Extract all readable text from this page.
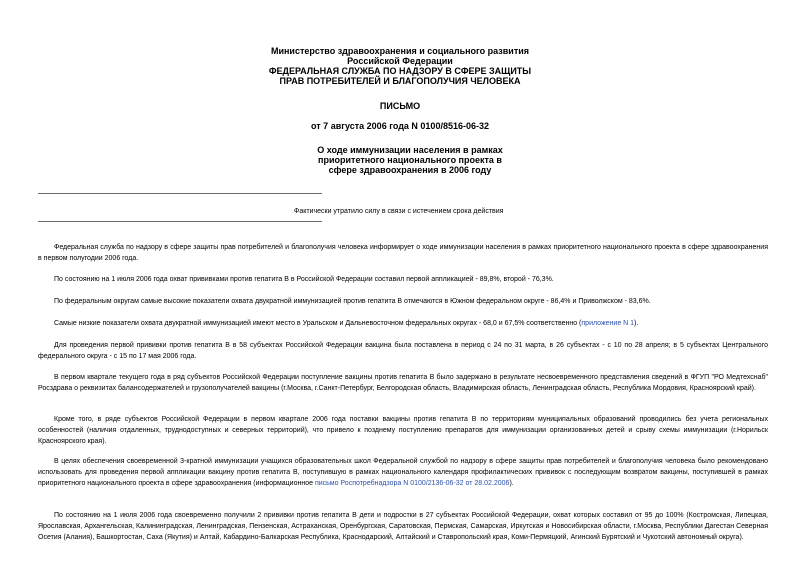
Министерство здравоохранения и социального развития
Российской Федерации
ФЕДЕРАЛЬНАЯ СЛУЖБА ПО НАДЗОРУ В СФЕРЕ ЗАЩИТЫ
ПРАВ ПОТРЕБИТЕЛЕЙ И БЛАГОПОЛУЧИЯ ЧЕЛОВЕКА
ПИСЬМО
от 7 августа 2006 года N 0100/8516-06-32
О ходе иммунизации населения в рамках
приоритетного национального проекта в
сфере здравоохранения в 2006 году
Фактически утратило силу в связи с истечением срока действия
Федеральная служба по надзору в сфере защиты прав потребителей и благополучия человека информирует о ходе иммунизации населения в рамках приоритетного национального проекта в сфере здравоохранения в первом полугодии 2006 года.
По состоянию на 1 июля 2006 года охват прививками против гепатита В в Российской Федерации составил первой аппликацией - 89,8%, второй - 76,3%.
По федеральным округам самые высокие показатели охвата двукратной иммунизацией против гепатита В отмечаются в Южном федеральном округе - 86,4% и Приволжском - 83,6%.
Самые низкие показатели охвата двукратной иммунизацией имеют место в Уральском и Дальневосточном федеральных округах - 68,0 и 67,5% соответственно (приложение N 1).
Для проведения первой прививки против гепатита В в 58 субъектах Российской Федерации вакцина была поставлена в период с 24 по 31 марта, в 26 субъектах - с 10 по 28 апреля; в 5 субъектах Центрального федерального округа - с 15 по 17 мая 2006 года.
В первом квартале текущего года в ряд субъектов Российской Федерации поступление вакцины против гепатита В было задержано в результате несвоевременного представления сведений в ФГУП "РО Медтехснаб" Росздрава о реквизитах балансодержателей и грузополучателей вакцины (г.Москва, г.Санкт-Петербург, Белгородская область, Владимирская область, Ленинградская область, Республика Мордовия, Красноярский край).
Кроме того, в ряде субъектов Российской Федерации в первом квартале 2006 года поставки вакцины против гепатита В по территориям муниципальных образований проводились без учета региональных особенностей (наличия отдаленных, труднодоступных и северных территорий), что привело к позднему поступлению препаратов для иммунизации организованных детей и срыву схемы иммунизации (г.Норильск Красноярского края).
В целях обеспечения своевременной 3-кратной иммунизации учащихся образовательных школ Федеральной службой по надзору в сфере защиты прав потребителей и благополучия человека было рекомендовано использовать для проведения первой аппликации вакцину против гепатита В, поступившую в рамках национального календаря профилактических прививок с последующим возвратом вакцины, поступившей в рамках приоритетного национального проекта в сфере здравоохранения (информационное письмо Роспотребнадзора N 0100/2136-06-32 от 28.02.2006).
По состоянию на 1 июля 2006 года своевременно получили 2 прививки против гепатита В дети и подростки в 27 субъектах Российской Федерации, охват которых составил от 95 до 100% (Костромская, Липецкая, Ярославская, Архангельская, Калининградская, Ленинградская, Пензенская, Астраханская, Оренбургская, Саратовская, Пермская, Самарская, Иркутская и Новосибирская области, г.Москва, Республики Дагестан Северная Осетия (Алания), Башкортостан, Саха (Якутия) и Алтай, Кабардино-Балкарская Республика, Краснодарский, Алтайский и Ставропольский края, Коми-Пермяцкий, Агинский Бурятский и Чукотский автономный округа).
